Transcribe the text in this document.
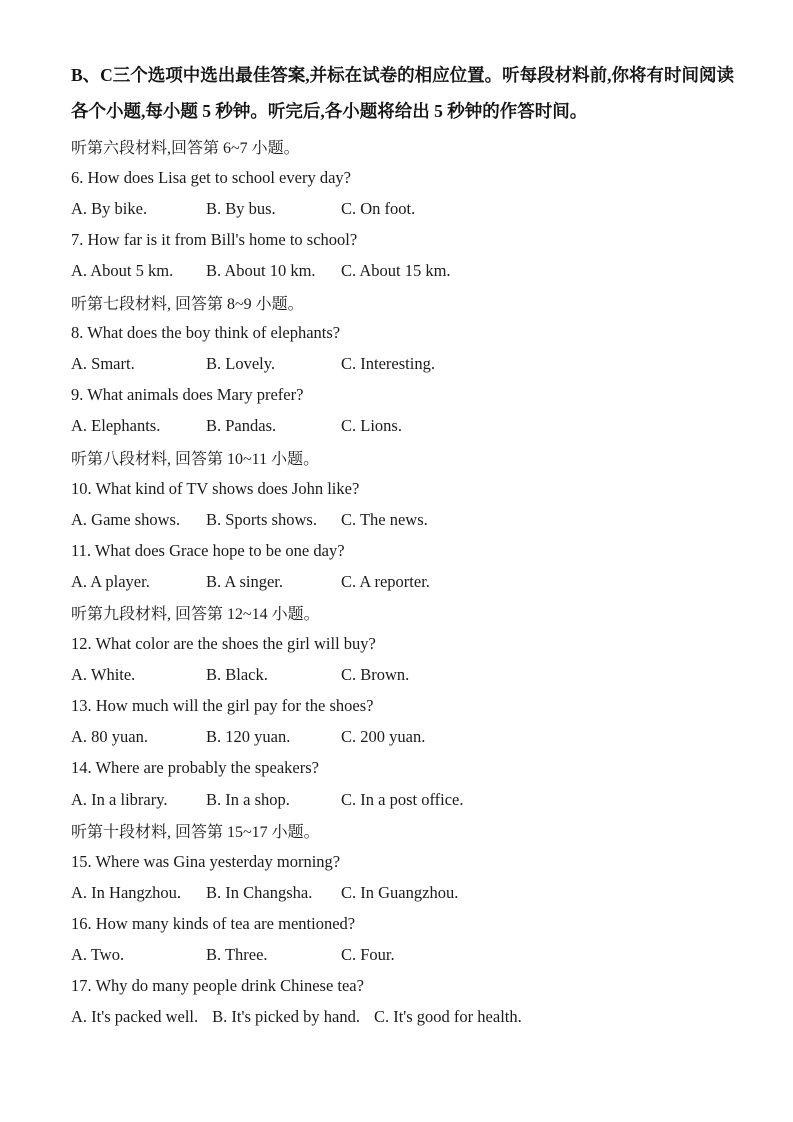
B、C三个选项中选出最佳答案,并标在试卷的相应位置。听每段材料前,你将有时间阅读各个小题,每小题 5 秒钟。听完后,各小题将给出 5 秒钟的作答时间。

听第六段材料,回答第 6~7 小题。
6. How does Lisa get to school every day?
A. By bike.	B. By bus.	C. On foot.
7. How far is it from Bill's home to school?
A. About 5 km.	B. About 10 km.	C. About 15 km.
听第七段材料, 回答第 8~9 小题。
8. What does the boy think of elephants?
A. Smart.	B. Lovely.	C. Interesting.
9. What animals does Mary prefer?
A. Elephants.	B. Pandas.	C. Lions.
听第八段材料, 回答第 10~11 小题。
10. What kind of TV shows does John like?
A. Game shows.	B. Sports shows.	C. The news.
11. What does Grace hope to be one day?
A. A player.	B. A singer.	C. A reporter.
听第九段材料, 回答第 12~14 小题。
12. What color are the shoes the girl will buy?
A. White.	B. Black.	C. Brown.
13. How much will the girl pay for the shoes?
A. 80 yuan.	B. 120 yuan.	C. 200 yuan.
14. Where are probably the speakers?
A. In a library.	B. In a shop.	C. In a post office.
听第十段材料, 回答第 15~17 小题。
15. Where was Gina yesterday morning?
A. In Hangzhou.	B. In Changsha.	C. In Guangzhou.
16. How many kinds of tea are mentioned?
A. Two.	B. Three.	C. Four.
17. Why do many people drink Chinese tea?
A. It's packed well. B. It's picked by hand. C. It's good for health.
